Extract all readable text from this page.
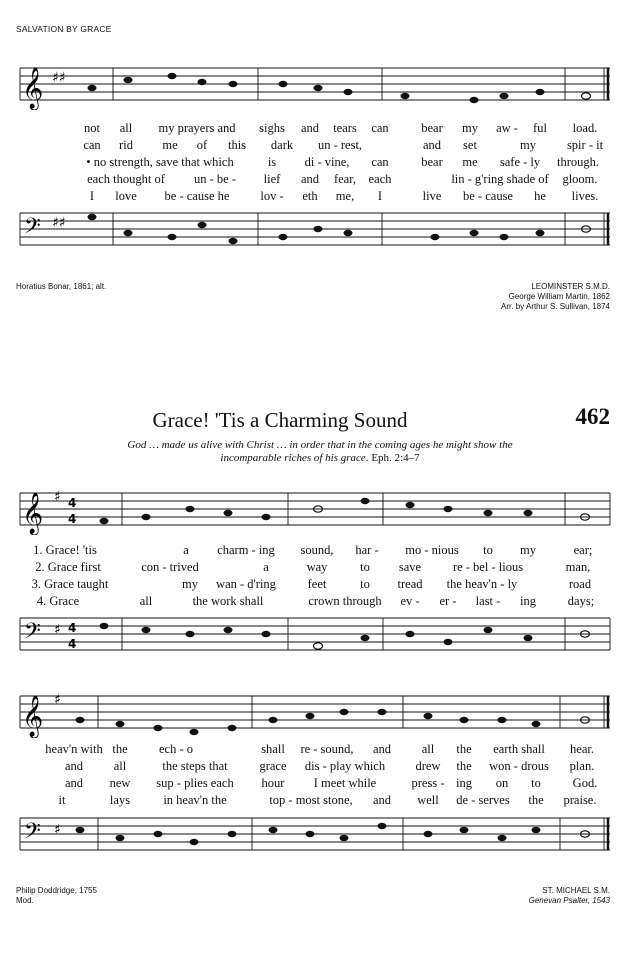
SALVATION BY GRACE
𝄞 ♯♯
not all my prayers and sighs and tears can	bear my aw - ful load.
can rid me of this dark un - rest,	and set	my spir - it
• no strength, save that which	is di - vine, can	bear me safe - ly through.
each thought of un - be - lief and fear, each	lin - g'ring shade of gloom.
I love be - cause he lov - eth me, I	live be - cause he lives.
𝄢 ♯♯
Horatius Bonar, 1861; alt.	LEOMINSTER S.M.D.
George William Martin, 1862
Arr. by Arthur S. Sullivan, 1874
Grace! 'Tis a Charming Sound	462
God … made us alive with Christ … in order that in the coming ages he might show the
incomparable riches of his grace. Eph. 2:4–7
𝄞 ♯ 4
4
1. Grace! 'tis	a charm - ing sound, har - mo - nious to my	ear;
2. Grace first	con - trived	a	way	to save	re - bel - lious	man,
3. Grace taught	my wan - d'ring	feet	to tread the heav'n - ly	road
4. Grace	all	the work shall	crown through ev - er - last - ing	days;
𝄢 ♯ 4
4
𝄞 ♯
heav'n with the	ech - o	shall re - sound, and all the earth shall hear.
and all	the steps that	grace dis - play which drew the won - drous plan.
and new sup - plies each hour I meet while	press - ing on to	God.
it	lays	in heav'n the	top - most stone, and well de - serves the praise.
𝄢 ♯
Philip Doddridge, 1755
Mod.
ST. MICHAEL S.M.
Genevan Psalter, 1543
